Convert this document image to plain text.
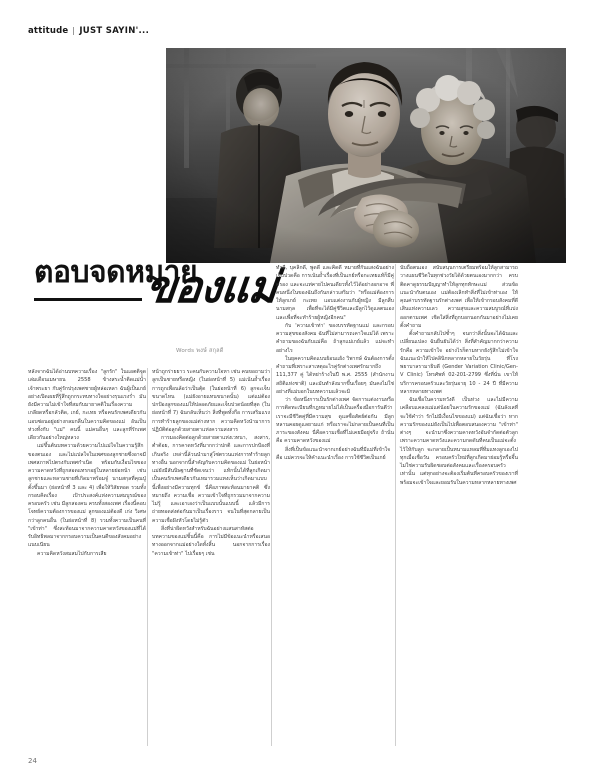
attitude JUST SAYIN'...
ตอบจดหมาย
ของแม่
Words พงษ์ สกุลดี

หลังจากฉันได้อ่านบทความเรื่อง "ลูกรัก" ในแอตติจูดเล่มเดือนเมษายน 2558 ข้างสระน้ำติดแม่น้ำเจ้าพระยา กับคู่รักปรุงเพศชายผู้หล่อเหลา ฉันผู้เป็นเกย์อย่างเปิดเผยที่รู้สึกถูกกระทบทางใจอย่างรุนแรงร่ำ มันยังมีความไม่เข้าใจที่สมกับมายาคติในเรื่องความเกลียดหรือกลัวติด, เกย์, กะเทย หรือคนรักเพศเดียวกันแอบซ่อนอยู่อย่างกลมกลืนในความคิดของแม่ อันเป็นห่วงทั้งกับ "แม่" คนนี้ แม่คนอื่นๆ และลูกที่รักเพศเดียวกันอย่างใหญ่หลวง

แม่ขึ้นต้นบทความด้วยความไปแม่ใจในความรู้สึกของตนเอง และไม่แปลใจในเพศของลูกชายซึ่งอาจมีเพศสภาพไปตรงกับเพศกำเนิด พร้อมกับเงื่อนไขของความคาดหวังที่ถูกสอดแทรกอยู่ในหลายย่อหน้า เช่น ลูกชายและหลานชายที่เกิดมาพร้อมจู๋ นามสกุลที่คุณปู่ตั้งขึ้นมา (ย่อหน้าที่ 3 และ 4) เพื่อให้วิสัยทอด รวมทั้งกรอบคิดเรื่อง เป้าประสงค์แห่งความสมบูรณ์ของครอบครัว เช่น มีลูกสองคน ครบทั้งสองเพศ เรื่องนี้คอบโจทย์ความต้องการของแม่ ลูกของแม่ต้องดี เก่ง วิเศษกว่าลูกคนอื่น (ในย่อหน้าที่ 8) รวมทั้งความเป็นคนที่ "เข้าท่า" ซึ่งสะท้อนมาจากความคาดหวังของแม่ที่ได้รับอิทธิพลมาจากกรอบความเป็นคนดีของสังคมอย่างแนบเนียน

ความคิดหวังสมสมไปกับการเสีย

หน้าถูกร่ายยาว ระคนกับความใจหา เช่น คนขอถามว่าลูกเป็นชายหรือหญิง (ในย่อหน้าที่ 5) แม่เน้นย้ำเรื่องการถูกเพื่อนล้อว่าเป็นตุ้ด (ในย่อหน้าที่ 6) ลูกจะเจ็บขนาดไหน (แม่ยังอายแทนขนาดนั้น) แต่แม่ต้องปกป้องลูกของแม่ให้ปลอดภัยและเจ็บปวดน้อยที่สุด (ในย่อหน้าที่ 7) ฉันกลับเห็นว่า สิ่งที่พูดทั้งกือ การเสริมแรงการทำร้ายลูกของแม่ต่างหาก ความคิดหวังนำมาการปฏิบัติต่อลูกด้วยสายตาแห่งความสงสาร

การมองคิดต่อลูกด้วยสายตาแห่งเวทนา, สงสาร, ต่ำต้อย, การคาดหวังที่มากกว่าปกติ และการปกป้องที่เกินจริง เหล่านี้ล้วนนำมาสู่โซ่ตรวนแห่งการทำร้ายลูกทางอื่น นอกจากนี้สำคัญกับความคิดของแม่ ในย่อหน้าแม่ยังมีสันนิษฐานที่ชัดเจนว่า แท้กนั้นได้ที่ลูกเกิดมาเป็นคนรักเพศเดียวกันเหมารวมแทงเห็นว่าเกิดมาแบบนี้เพื่งอย่างมีความทุกข์ นี่คือภาพสะท้อนมายาคติ ซึ่งหมายถึง ความเชื่อ ความเข้าใจที่ถูกรวมมาจากความไม่รู้ และเอาเองว่าเป็นแบบนั้นแบบนี้ แล้วมีการถ่ายทอดส่งต่อกันมาเป็นเรื่องราว จนในที่สุดกลายเป็นความเชื่อฝังหัวโดยไม่รู้ตัว

สิ่งที่น่าผิดหวังสำหรับฉันอย่างแสนสาหัสต่อบทความของแม่ชิ้นนี้คือ การไม่มีข้อแนะนำหรือเสนอทางออกจากแม่อย่างใดทั้งสิ้น นอกจากการเรื่อง "ความเข้าท่า" ไปเรื่อยๆ เช่น

ทำดี, บุคลิกดี, พูดดี และคิดดี หมายที่กันแสงฉันอย่างเจ็บปวดคือ การเน้นย้ำเรื่องที่เป็นเกย์หรือกะเทยแท้ก็มีคู่ครอง และจะแท่คายไปคนเดียวทั้งไว้ได้อย่างอกอาจ พี่คนหนึ่งในของฉันถึงกันกล่าวเสริมว่า "หรือแม่ต้องการให้ลูกเกย์ กะเทย แอบแต่งงานกับผู้หญิง มีลูกสืบนามสกุล เพื่อที่จะได้มีคู่ชีวิตและมีลูกไว้ดูแลตนเอง และเพื่อที่จะทำร้ายผู้หญิงอีกคน"

กับ 'ความเข้าท่า' ของบรรทัดฐานแม่ และกรอบความสุขของสังคม ฉันที่ไม่สามารถเคาใจแม่ได้ เพราะคำถามของฉันกับแม่คือ ถ้าลูกแม่เกย์แล้ว แม่จะทำอย่างไร

ในยุคความคิดแบบย้อนแย้ง วิพากษ์ ฉันต้องการตั้งคำถามที่เพราะสาเหตุอะไรคู่รักต่างเพศรักมากถึง 111,377 คู่ ได้หย่าร้างในปี พ.ศ. 2555 (สำนักงานสถิติแห่งชาติ) และมันทำลังมากขึ้นเรื่อยๆ มันคงไม่ใช่อย่างที่แม่บอกในบทความแล้วจะมิ

ว่า ข้อหนึ่งการเป็นรักต่างเพศ จัดการแต่งงานหรือการติดทะเบียนที่กฎหมายไม่ได้เป็นเครื่องมือการันตีว่าเราจะมีชีวิตคู่ที่มีความสุข ดูแลซื่อสัตย์ต่อกัน มีลูกหลานคอยดูแลยามแก่ หรือเราจะไม่กลายเป็นคนที่เป็นภาระของสังคม นี่คือความเชื่อที่ไม่เคยมีอยู่จริง ถ้านั่นคือ ความคาดหวังของแม่

สิ่งที่เป็นข้อแนะนำจากเกย์อย่างฉันที่มีแม่ที่เข้าใจ คือ แม่ควรจะให้คำแนะนำเรื่อง การใช้ชีวิตเป็นเกย์

นับถือตนเอง สนับสนุนการเตรียมพร้อมให้ลูกสามารถวางแผนชีวิตในทุกช่วงวัยได้ด้วยตนเองมากกว่า ครบติดคาดูธรรมปัญญาทำให้ลูกทุกทักษะแม่ ส่วนข้อแนะนำกับตนเอง แม่ต้องเลิกทำสิ่งที่ไม่เข้าท่าเอง ให้คุณค่าบรรทัดฐานรักต่างเพศ เพื่อให้เข้ากรอบสังคมที่ดีเสินแห่งความเลว ความสุขและความสมบูรณ์ที่แบ่งออกตามเพศ เชิดใส่สิ่งที่ถูกบอกนอกกันมาอย่างไม่เคยตั้งคำถาม

ตั้งคำถามกลับไปซ้ำๆ จนกว่าสิ่งนั้นจะได้ฉันและเปลี่ยนแปลง ฉันยืนยันได้ว่า สิ่งที่สำคัญมากกว่าความรักคือ ความเข้าใจ อย่างไรก็ตามหากยังรู้สึกไม่เข้าใจ ฉันแนะนำให้ไปคลินิกหลากหลายในวัยรุ่น ที่โรงพยาบาลรามาธิบดี (Gender Variation Clinic/Gen-V Clinic) โทรศัพท์ 02-201-2799 ซึ่งที่นั่น เขาให้บริการครอบครัวและวัยรุ่นอายุ 10 - 24 ปี ที่มีความหลากหลายทางเพศ

ฉันเชื่อในความหวังดี เป็นห่วง และไม่มีความเคลือบแคลงแม่แต่น้อยในความรักของแม่ (ฉันลังเลที่จะใช้คำว่า รักไม่มีเงื่อนไขของแม่) แต่ฉันเชื่อว่า หากความรักของแม่ยังเป็นไปเพื่อตอบสนองความ "เข้าท่า" ต่างๆ จะนำมาซึ่งความคาดหวังอันจำกัดต่อตัวลูก เพราะความคาดหวังและความกดดันที่คนเป็นแม่จะตั้งไว้ให้กับลูก จะกลายเป็นหนามแหลมที่ทิ่มแทงลูกเองไปทุกเมื่อเชื่อวัน ครอบครัวใหม่ที่ลูกเกิดมาย่อมรู้หรือจึ้น ไม่ใช่ความรับผิดชอบต่อสังคมและเรื่องครอบครัวเท่านั้น แต่ทุกอย่างจะต้องเริ่มต้นที่ครอบครัวของเราที่พร้อมจะเข้าใจและยอมรับในความหลากหลายทางเพศ

24
